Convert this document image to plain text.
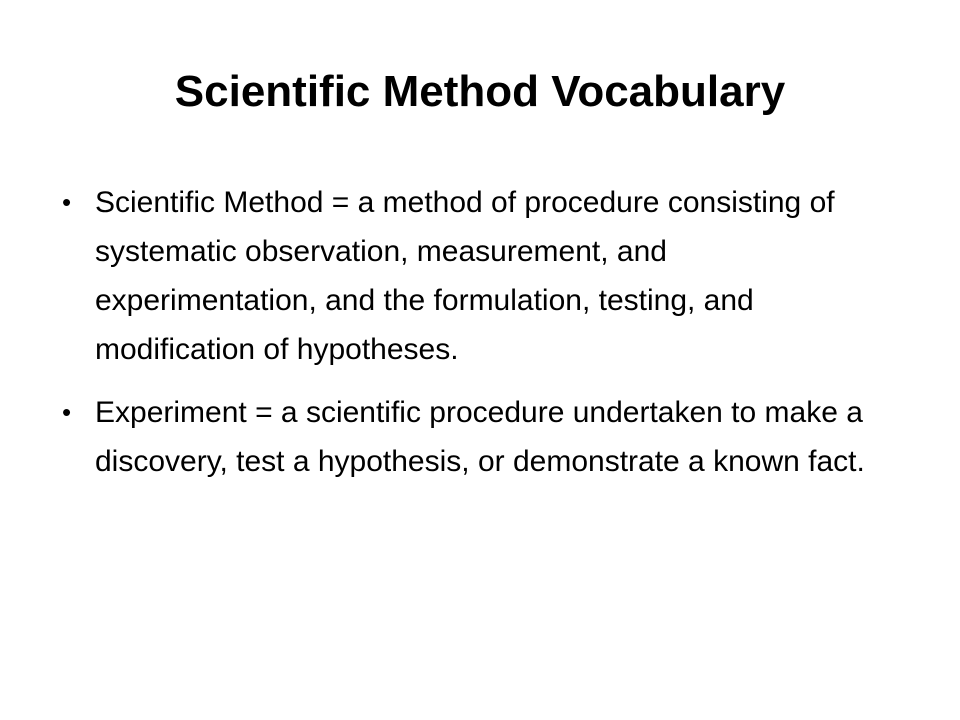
Scientific Method Vocabulary
• Scientific Method = a method of procedure consisting of systematic observation, measurement, and experimentation, and the formulation, testing, and modification of hypotheses.
• Experiment = a scientific procedure undertaken to make a discovery, test a hypothesis, or demonstrate a known fact.
